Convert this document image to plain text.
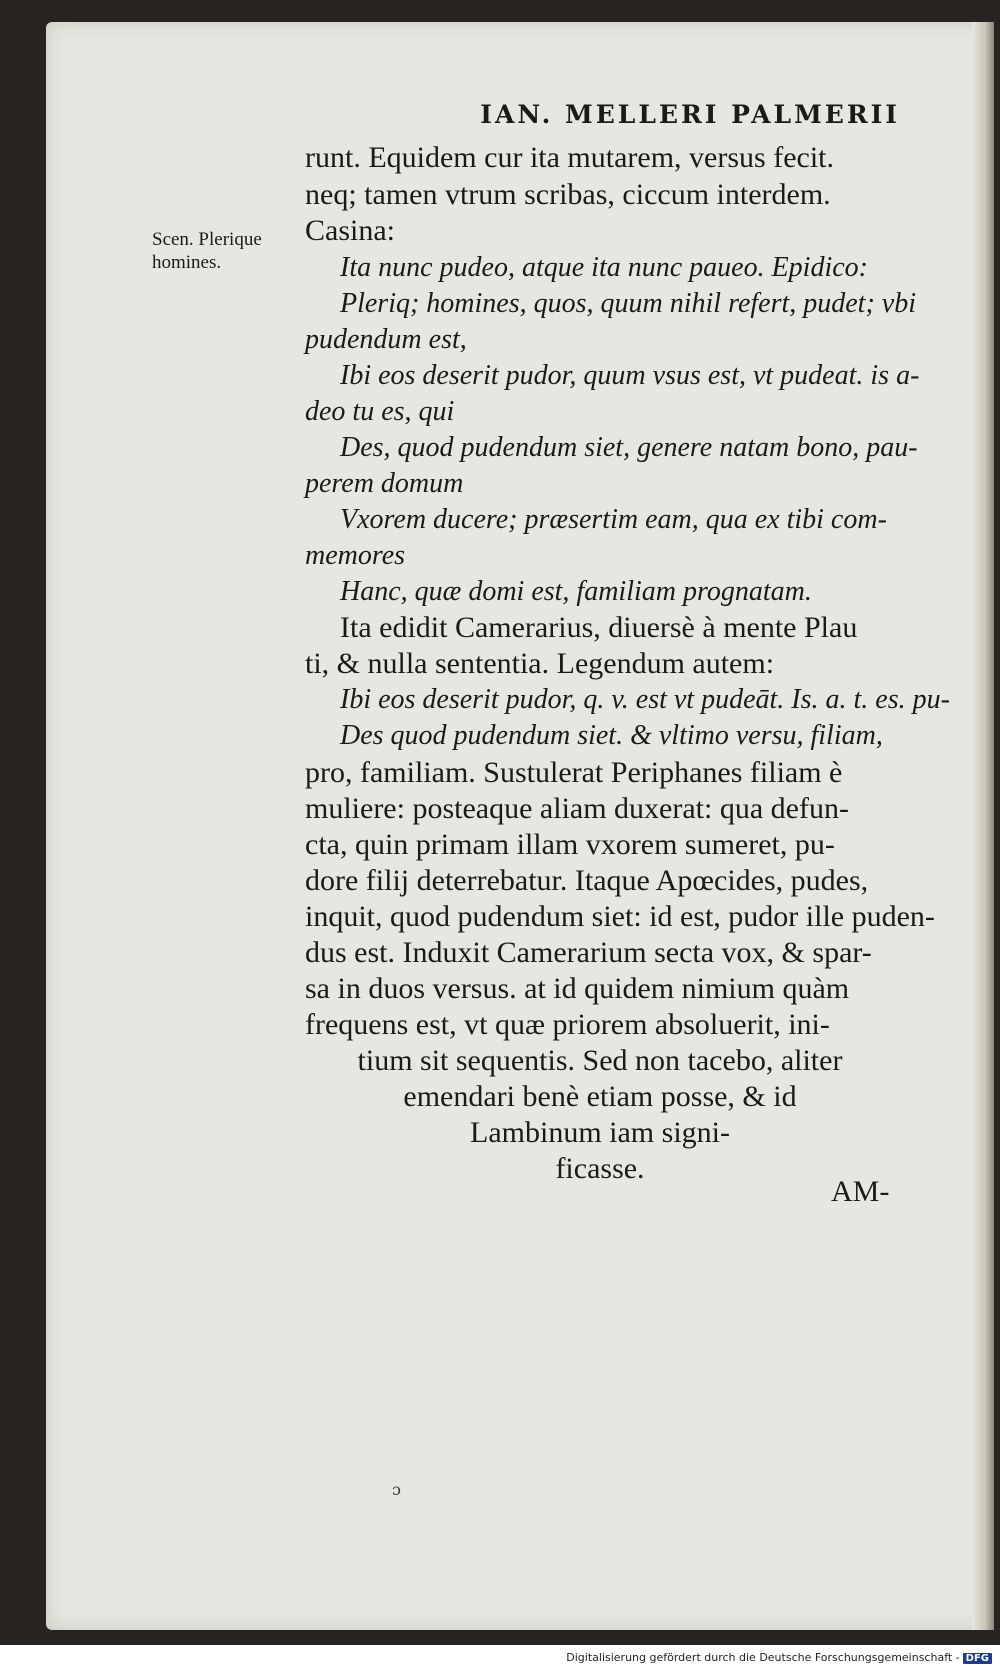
IAN. MELLERI PALMERII
Scen. Plerique
homines.
runt. Equidem cur ita mutarem, versus fecit.
neq; tamen vtrum scribas, ciccum interdem.
Casina:
Ita nunc pudeo, atque ita nunc paueo. Epidico:
Pleriq; homines, quos, quum nihil refert, pudet; vbi
pudendum est,
Ibi eos deserit pudor, quum vsus est, vt pudeat. is a-
deo tu es, qui
Des, quod pudendum siet, genere natam bono, pau-
perem domum
Vxorem ducere; præsertim eam, qua ex tibi com-
memores
Hanc, quæ domi est, familiam prognatam.
Ita edidit Camerarius, diuersè à mente Plau
ti, & nulla sententia. Legendum autem:
Ibi eos deserit pudor, q. v. est vt pudeāt. Is. a. t. es. pu-
Des quod pudendum siet. & vltimo versu, filiam,
pro, familiam. Sustulerat Periphanes filiam è
muliere: posteaque aliam duxerat: qua defun-
cta, quin primam illam vxorem sumeret, pu-
dore filij deterrebatur. Itaque Apœcides, pudes,
inquit, quod pudendum siet: id est, pudor ille puden-
dus est. Induxit Camerarium secta vox, & spar-
sa in duos versus. at id quidem nimium quàm
frequens est, vt quæ priorem absoluerit, ini-
tium sit sequentis. Sed non tacebo, aliter
emendari benè etiam posse, & id
Lambinum iam signi-
ficasse.
AM-
ɔ
Digitalisierung gefördert durch die Deutsche Forschungsgemeinschaft - DFG
